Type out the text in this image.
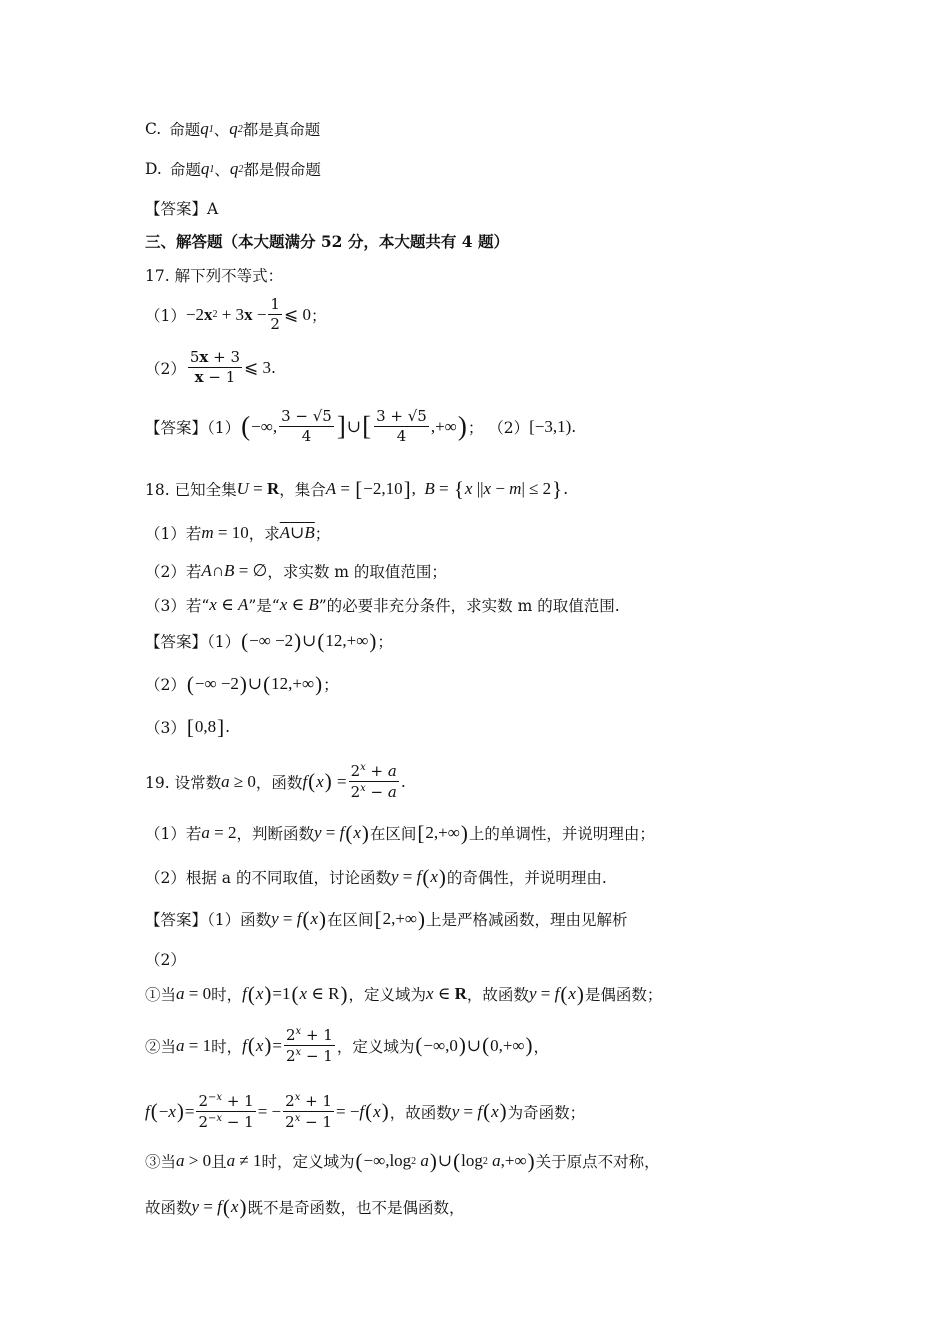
C. 命题 q 1 、 q 2 都是真命题
D. 命题 q 1 、 q 2 都是假命题
【答案】A
三、解答题（本大题满分 52 分，本大题共有 4 题）
17. 解下列不等式：
（1） −2 x 2 + 3 $x - \frac{1}{2}$ ⩽ 0 ；
$(2) \frac{5x + 3}{x - 1}$ ⩽ 3 .
【答案】（1） ( −∞, $\frac{3 - √5}{4}$ ] ∪ [ $\frac{3 + √5}{4}$ ,+∞ ) ； （2） [−3,1) .
18. 已知全集 U = R ，集合 A = [ −2,10 ] , B = { x || x − m | ≤ 2 } .
（1）若 m = 10 ，求 A ∪ B ；
（2）若 A ∩ B = ∅ ，求实数 m 的取值范围；
（3）若“ x ∈ A ”是“ x ∈ B ”的必要非充分条件，求实数 m 的取值范围.
【答案】（1） ( −∞ −2 ) ∪ ( 12,+∞ ) ；
（2） ( −∞ −2 ) ∪ ( 12,+∞ ) ；
（3） [ 0,8 ] .
19. 设常数 a ≥ 0 ，函数 f ( x ) = $\frac{2^x + a}{2^x - a}$ .
（1）若 a = 2 ，判断函数 y = f ( x ) 在区间 [ 2,+∞ ) 上的单调性，并说明理由；
（2）根据 a 的不同取值，讨论函数 y = f ( x ) 的奇偶性，并说明理由.
【答案】（1）函数 y = f ( x ) 在区间 [ 2,+∞ ) 上是严格减函数，理由见解析
（2）
①当 a = 0 时， f ( x ) =1 ( x ∈ R ) ，定义域为 x ∈ R ，故函数 y = f ( x ) 是偶函数；
②当 a = 1 时， f ( x ) = $\frac{2^x + 1}{2^x - 1}$ ，定义域为 ( −∞,0 ) ∪ ( 0,+∞ ) ，
f ( − x ) = $\frac{2^{-x} + 1}{2^{-x} - 1}$ = − $\frac{2^x + 1}{2^x - 1}$ = − f ( x ) ，故函数 y = f ( x ) 为奇函数；
③当 a > 0 且 a ≠ 1 时，定义域为 ( −∞,log 2
a ) ∪ ( log 2
a ,+∞ ) 关于原点不对称，
故函数 y = f ( x ) 既不是奇函数，也不是偶函数，
